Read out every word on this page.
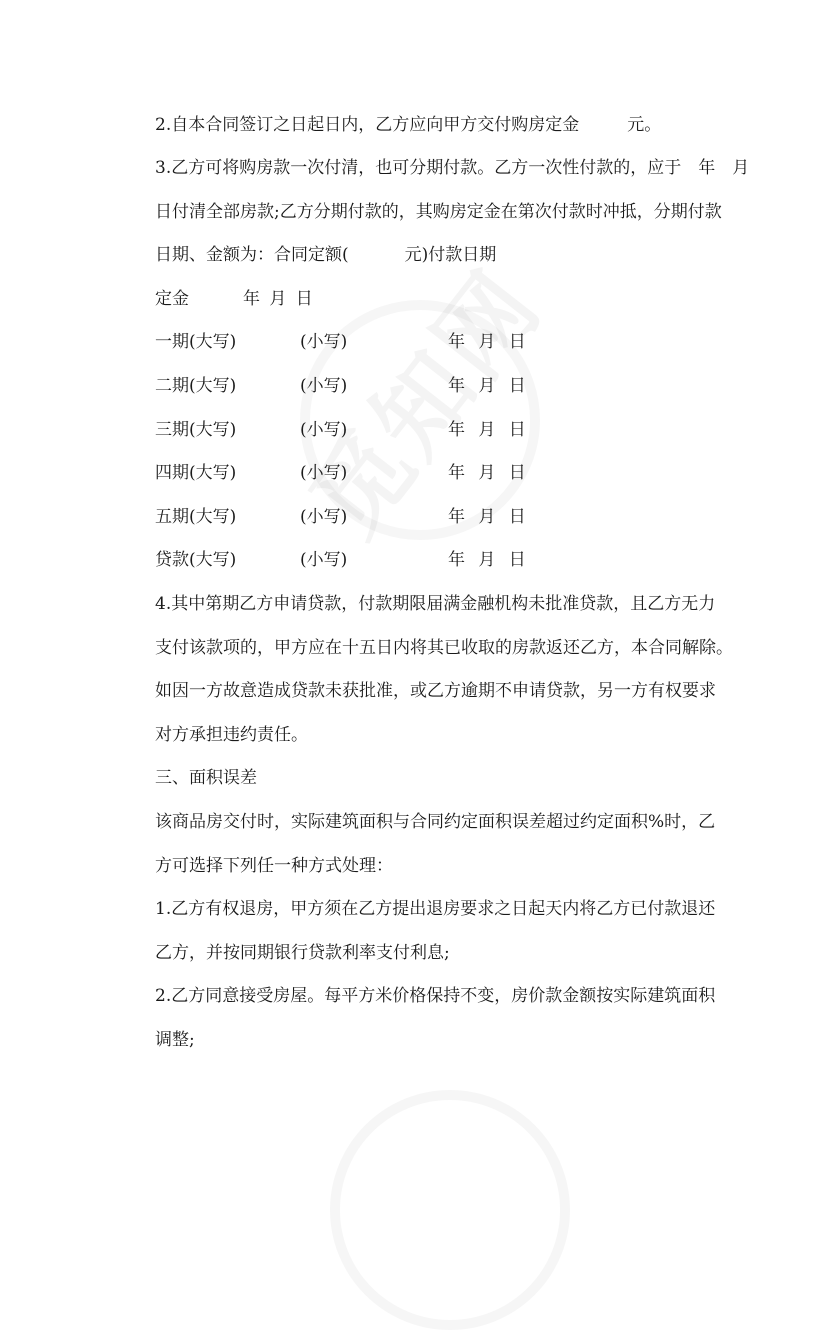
2.自本合同签订之日起日内，乙方应向甲方交付购房定金	元。
3.乙方可将购房款一次付清，也可分期付款。乙方一次性付款的，应于　年　月
日付清全部房款;乙方分期付款的，其购房定金在第次付款时冲抵，分期付款
日期、金额为：合同定额(	元)付款日期
定金	年 月 日
一期(大写)	(小写)	年 月 日
二期(大写)	(小写)	年 月 日
三期(大写)	(小写)	年 月 日
四期(大写)	(小写)	年 月 日
五期(大写)	(小写)	年 月 日
贷款(大写)	(小写)	年 月 日
4.其中第期乙方申请贷款，付款期限届满金融机构未批准贷款，且乙方无力
支付该款项的，甲方应在十五日内将其已收取的房款返还乙方，本合同解除。
如因一方故意造成贷款未获批准，或乙方逾期不申请贷款，另一方有权要求
对方承担违约责任。
三、面积误差
该商品房交付时，实际建筑面积与合同约定面积误差超过约定面积%时，乙
方可选择下列任一种方式处理：
1.乙方有权退房，甲方须在乙方提出退房要求之日起天内将乙方已付款退还
乙方，并按同期银行贷款利率支付利息;
2.乙方同意接受房屋。每平方米价格保持不变，房价款金额按实际建筑面积
调整;
